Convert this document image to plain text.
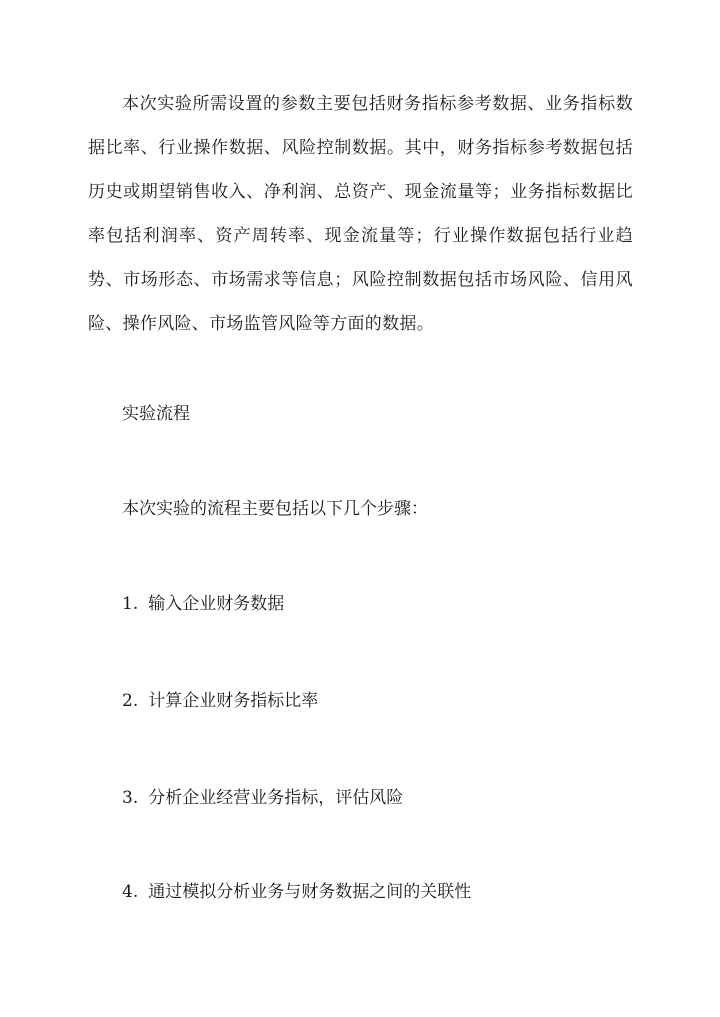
本次实验所需设置的参数主要包括财务指标参考数据、业务指标数据比率、行业操作数据、风险控制数据。其中，财务指标参考数据包括历史或期望销售收入、净利润、总资产、现金流量等；业务指标数据比率包括利润率、资产周转率、现金流量等；行业操作数据包括行业趋势、市场形态、市场需求等信息；风险控制数据包括市场风险、信用风险、操作风险、市场监管风险等方面的数据。

实验流程

本次实验的流程主要包括以下几个步骤：

1. 输入企业财务数据

2. 计算企业财务指标比率

3. 分析企业经营业务指标，评估风险

4. 通过模拟分析业务与财务数据之间的关联性
